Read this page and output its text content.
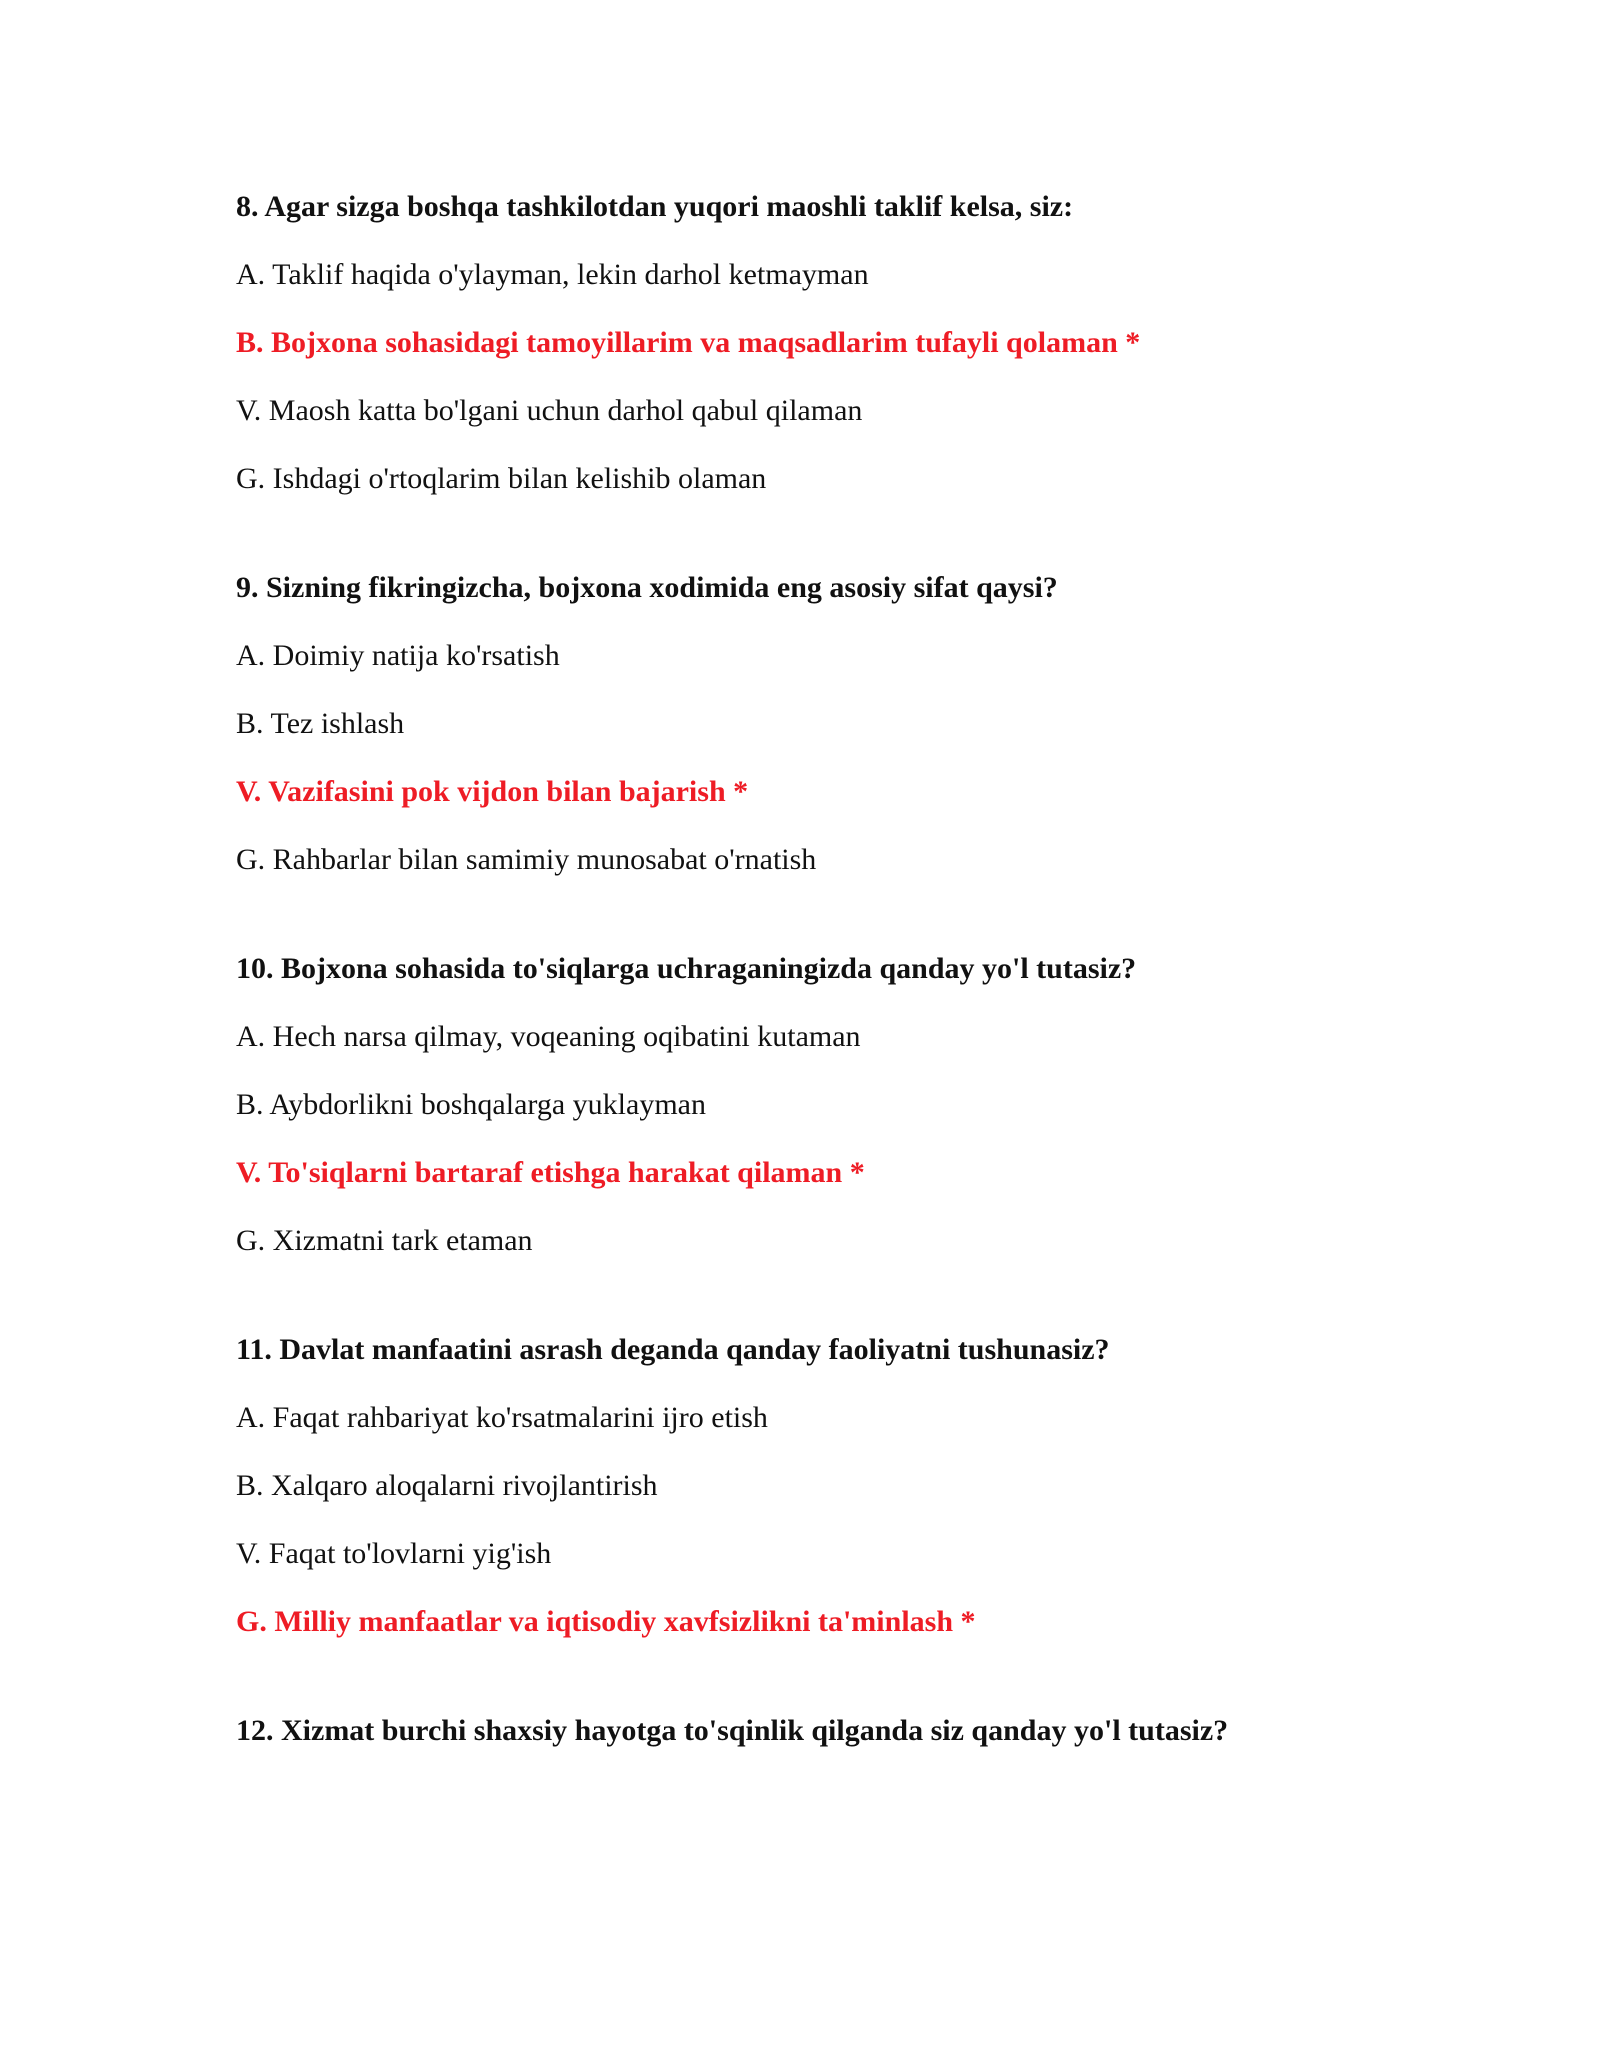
8. Agar sizga boshqa tashkilotdan yuqori maoshli taklif kelsa, siz:
A. Taklif haqida o'ylayman, lekin darhol ketmayman
B. Bojxona sohasidagi tamoyillarim va maqsadlarim tufayli qolaman *
V. Maosh katta bo'lgani uchun darhol qabul qilaman
G. Ishdagi o'rtoqlarim bilan kelishib olaman
9. Sizning fikringizcha, bojxona xodimida eng asosiy sifat qaysi?
A. Doimiy natija ko'rsatish
B. Tez ishlash
V. Vazifasini pok vijdon bilan bajarish *
G. Rahbarlar bilan samimiy munosabat o'rnatish
10. Bojxona sohasida to'siqlarga uchraganingizda qanday yo'l tutasiz?
A. Hech narsa qilmay, voqeaning oqibatini kutaman
B. Aybdorlikni boshqalarga yuklayman
V. To'siqlarni bartaraf etishga harakat qilaman *
G. Xizmatni tark etaman
11. Davlat manfaatini asrash deganda qanday faoliyatni tushunasiz?
A. Faqat rahbariyat ko'rsatmalarini ijro etish
B. Xalqaro aloqalarni rivojlantirish
V. Faqat to'lovlarni yig'ish
G. Milliy manfaatlar va iqtisodiy xavfsizlikni ta'minlash *
12. Xizmat burchi shaxsiy hayotga to'sqinlik qilganda siz qanday yo'l tutasiz?
